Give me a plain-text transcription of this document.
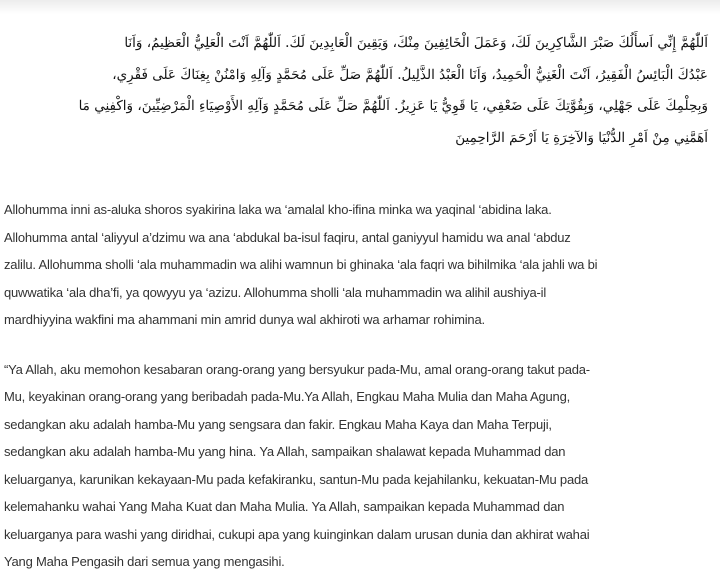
اَللّٰهُمَّ إِنِّي اَسأَلُكَ صَبْرَ الشَّاكِرِينَ لَكَ، وَعَمَلَ الْخَائِفِينَ مِنْكَ، وَيَقِينَ الْعَابِدِينَ لَكَ. اَللّٰهُمَّ اَنْتَ الْعَلِيُّ الْعَظِيمُ، وَاَنَا
عَبْدُكَ الْبَائِسُ الْفَقِيرُ، اَنْتَ الْغَنِيُّ الْحَمِيدُ، وَاَنَا الْعَبْدُ الذَّلِيلُ. اَللّٰهُمَّ صَلِّ عَلَى مُحَمَّدٍ وَآلِهِ وَامْنُنْ بِغِنَاكَ عَلَى فَقْرِي،
وَبِحِلْمِكَ عَلَى جَهْلِي، وَبِقُوَّتِكَ عَلَى ضَعْفِي، يَا قَوِيُّ يَا عَزِيزُ. اَللّٰهُمَّ صَلِّ عَلَى مُحَمَّدٍ وَآلِهِ الأَوْصِيَاءِ الْمَرْضِيِّينَ، وَاكْفِنِي مَا
اَهَمَّنِي مِنْ اَمْرِ الدُّنْيَا وَالآخِرَةِ يَا اَرْحَمَ الرَّاحِمِينَ
Allohumma inni as-aluka shoros syakirina laka wa ‘amalal kho-ifina minka wa yaqinal ‘abidina laka.
Allohumma antal ‘aliyyul a’dzimu wa ana ‘abdukal ba-isul faqiru, antal ganiyyul hamidu wa anal ‘abduz
zalilu. Allohumma sholli ‘ala muhammadin wa alihi wamnun bi ghinaka ‘ala faqri wa bihilmika ‘ala jahli wa bi
quwwatika ‘ala dha’fi, ya qowyyu ya ‘azizu. Allohumma sholli ‘ala muhammadin wa alihil aushiya-il
mardhiyyina wakfini ma ahammani min amrid dunya wal akhiroti wa arhamar rohimina.
“Ya Allah, aku memohon kesabaran orang-orang yang bersyukur pada-Mu, amal orang-orang takut pada-
Mu, keyakinan orang-orang yang beribadah pada-Mu.Ya Allah, Engkau Maha Mulia dan Maha Agung,
sedangkan aku adalah hamba-Mu yang sengsara dan fakir. Engkau Maha Kaya dan Maha Terpuji,
sedangkan aku adalah hamba-Mu yang hina. Ya Allah, sampaikan shalawat kepada Muhammad dan
keluarganya, karunikan kekayaan-Mu pada kefakiranku, santun-Mu pada kejahilanku, kekuatan-Mu pada
kelemahanku wahai Yang Maha Kuat dan Maha Mulia. Ya Allah, sampaikan kepada Muhammad dan
keluarganya para washi yang diridhai, cukupi apa yang kuinginkan dalam urusan dunia dan akhirat wahai
Yang Maha Pengasih dari semua yang mengasihi.
